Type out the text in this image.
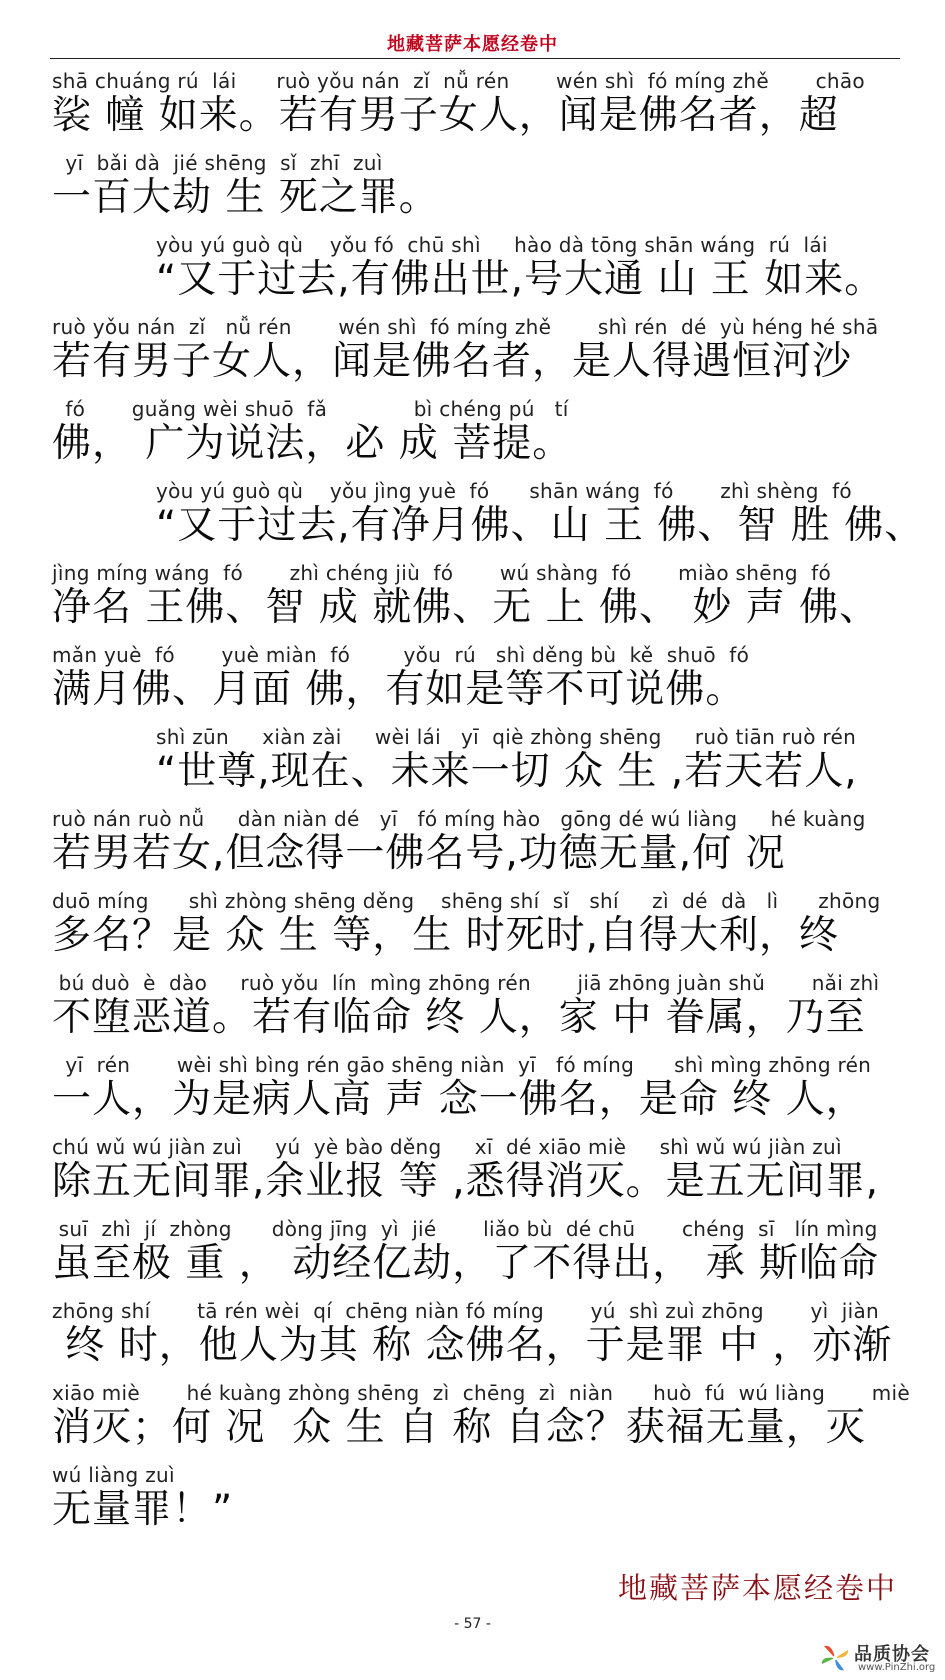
地藏菩萨本愿经卷中
shā chuáng rú  lái      ruò yǒu nán  zǐ  nǚ rén       wén shì  fó míng zhě       chāo
裟 幢 如来。若有男子女人，闻是佛名者，超
yī  bǎi dà  jié shēng  sǐ  zhī  zuì
一百大劫 生 死之罪。
yòu yú guò qù    yǒu fó  chū shì     hào dà tōng shān wáng  rú  lái
“又于过去,有佛出世,号大通 山 王 如来。
ruò yǒu nán  zǐ   nǚ rén       wén shì  fó míng zhě       shì rén  dé  yù héng hé shā
若有男子女人，闻是佛名者，是人得遇恒河沙
fó       guǎng wèi shuō  fǎ             bì chéng pú   tí
佛， 广为说法，必 成 菩提。
yòu yú guò qù    yǒu jìng yuè  fó      shān wáng  fó       zhì shèng  fó
“又于过去,有净月佛、山 王 佛、智 胜 佛、
jìng míng wáng  fó       zhì chéng jiù  fó       wú shàng  fó       miào shēng  fó
净名 王佛、智 成 就佛、无 上 佛、 妙 声 佛、
mǎn yuè  fó       yuè miàn  fó        yǒu  rú   shì děng bù  kě  shuō  fó
满月佛、月面 佛，有如是等不可说佛。
shì zūn     xiàn zài     wèi lái   yī  qiè zhòng shēng     ruò tiān ruò rén
“世尊,现在、未来一切 众 生 ,若天若人,
ruò nán ruò nǚ     dàn niàn dé   yī   fó míng hào   gōng dé wú liàng     hé kuàng
若男若女,但念得一佛名号,功德无量,何 况
duō míng      shì zhòng shēng děng    shēng shí  sǐ   shí     zì  dé  dà   lì      zhōng
多名？是 众 生 等，生 时死时,自得大利，终
bú duò  è  dào     ruò yǒu  lín  mìng zhōng rén       jiā zhōng juàn shǔ       nǎi zhì
不堕恶道。若有临命 终 人，家 中 眷属，乃至
yī  rén       wèi shì bìng rén gāo shēng niàn  yī   fó míng      shì mìng zhōng rén
一人，为是病人高 声 念一佛名，是命 终 人，
chú wǔ wú jiàn zuì     yú  yè bào děng     xī  dé xiāo miè     shì wǔ wú jiàn zuì
除五无间罪,余业报 等 ,悉得消灭。是五无间罪,
suī  zhì  jí  zhòng      dòng jīng  yì  jié       liǎo bù  dé chū       chéng  sī   lín mìng
虽至极 重 ， 动经亿劫，了不得出， 承 斯临命
zhōng shí       tā rén wèi  qí  chēng niàn fó míng       yú  shì zuì zhōng       yì  jiàn
终 时，他人为其 称 念佛名，于是罪 中 ，亦渐
xiāo miè       hé kuàng zhòng shēng  zì  chēng  zì  niàn      huò  fú  wú liàng       miè
消灭；何 况  众 生 自 称 自念？获福无量，灭
wú liàng zuì
无量罪！”
地藏菩萨本愿经卷中
- 57 -
品质协会
www.PinZhi.org
